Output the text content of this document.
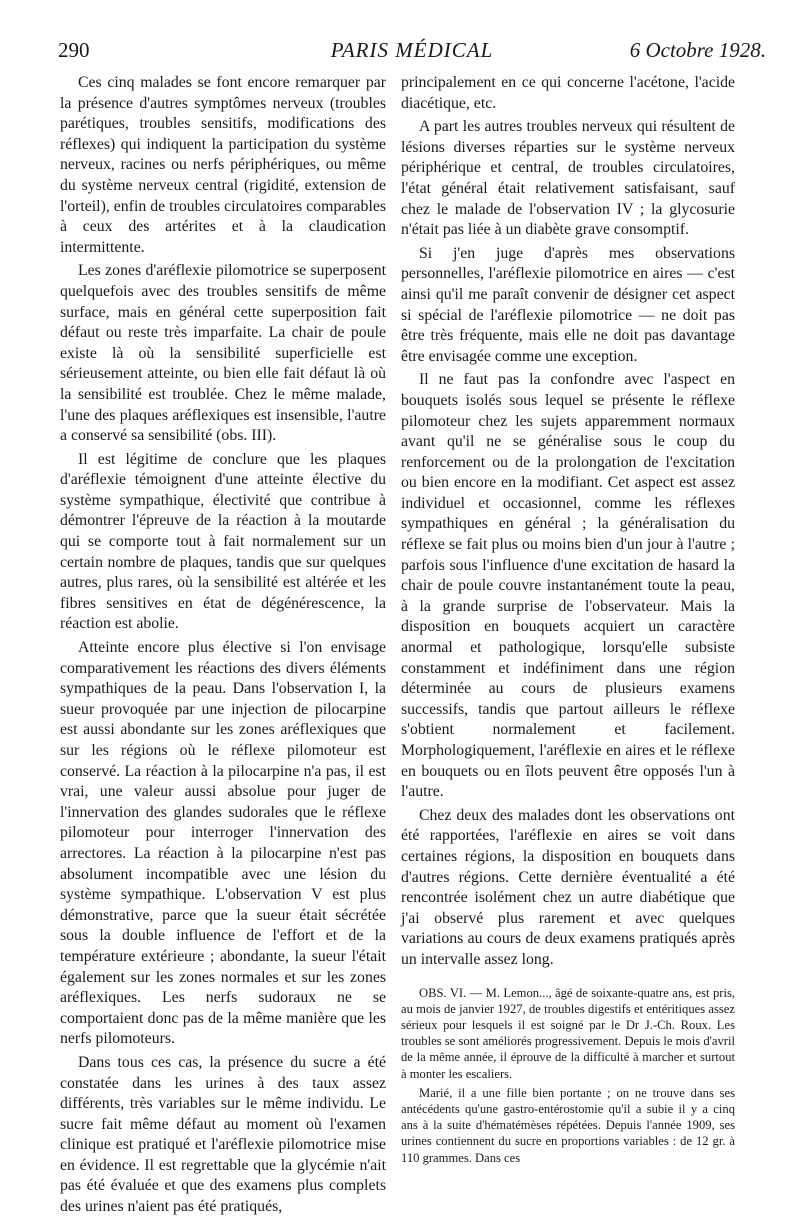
290	PARIS MÉDICAL	6 Octobre 1928.

Ces cinq malades se font encore remarquer par la présence d'autres symptômes nerveux (troubles parétiques, troubles sensitifs, modifications des réflexes) qui indiquent la participation du système nerveux, racines ou nerfs périphériques, ou même du système nerveux central (rigidité, extension de l'orteil), enfin de troubles circulatoires comparables à ceux des artérites et à la claudication intermittente.

Les zones d'aréflexie pilomotrice se superposent quelquefois avec des troubles sensitifs de même surface, mais en général cette superposition fait défaut ou reste très imparfaite. La chair de poule existe là où la sensibilité superficielle est sérieusement atteinte, ou bien elle fait défaut là où la sensibilité est troublée. Chez le même malade, l'une des plaques aréflexiques est insensible, l'autre a conservé sa sensibilité (obs. III).

Il est légitime de conclure que les plaques d'aréflexie témoignent d'une atteinte élective du système sympathique, électivité que contribue à démontrer l'épreuve de la réaction à la moutarde qui se comporte tout à fait normalement sur un certain nombre de plaques, tandis que sur quelques autres, plus rares, où la sensibilité est altérée et les fibres sensitives en état de dégénérescence, la réaction est abolie.

Atteinte encore plus élective si l'on envisage comparativement les réactions des divers éléments sympathiques de la peau. Dans l'observation I, la sueur provoquée par une injection de pilocarpine est aussi abondante sur les zones aréflexiques que sur les régions où le réflexe pilomoteur est conservé. La réaction à la pilocarpine n'a pas, il est vrai, une valeur aussi absolue pour juger de l'innervation des glandes sudorales que le réflexe pilomoteur pour interroger l'innervation des arrectores. La réaction à la pilocarpine n'est pas absolument incompatible avec une lésion du système sympathique. L'observation V est plus démonstrative, parce que la sueur était sécrétée sous la double influence de l'effort et de la température extérieure ; abondante, la sueur l'était également sur les zones normales et sur les zones aréflexiques. Les nerfs sudoraux ne se comportaient donc pas de la même manière que les nerfs pilomoteurs.

Dans tous ces cas, la présence du sucre a été constatée dans les urines à des taux assez différents, très variables sur le même individu. Le sucre fait même défaut au moment où l'examen clinique est pratiqué et l'aréflexie pilomotrice mise en évidence. Il est regrettable que la glycémie n'ait pas été évaluée et que des examens plus complets des urines n'aient pas été pratiqués,

principalement en ce qui concerne l'acétone, l'acide diacétique, etc.

A part les autres troubles nerveux qui résultent de lésions diverses réparties sur le système nerveux périphérique et central, de troubles circulatoires, l'état général était relativement satisfaisant, sauf chez le malade de l'observation IV ; la glycosurie n'était pas liée à un diabète grave consomptif.

Si j'en juge d'après mes observations personnelles, l'aréflexie pilomotrice en aires — c'est ainsi qu'il me paraît convenir de désigner cet aspect si spécial de l'aréflexie pilomotrice — ne doit pas être très fréquente, mais elle ne doit pas davantage être envisagée comme une exception.

Il ne faut pas la confondre avec l'aspect en bouquets isolés sous lequel se présente le réflexe pilomoteur chez les sujets apparemment normaux avant qu'il ne se généralise sous le coup du renforcement ou de la prolongation de l'excitation ou bien encore en la modifiant. Cet aspect est assez individuel et occasionnel, comme les réflexes sympathiques en général ; la généralisation du réflexe se fait plus ou moins bien d'un jour à l'autre ; parfois sous l'influence d'une excitation de hasard la chair de poule couvre instantanément toute la peau, à la grande surprise de l'observateur. Mais la disposition en bouquets acquiert un caractère anormal et pathologique, lorsqu'elle subsiste constamment et indéfiniment dans une région déterminée au cours de plusieurs examens successifs, tandis que partout ailleurs le réflexe s'obtient normalement et facilement. Morphologiquement, l'aréflexie en aires et le réflexe en bouquets ou en îlots peuvent être opposés l'un à l'autre.

Chez deux des malades dont les observations ont été rapportées, l'aréflexie en aires se voit dans certaines régions, la disposition en bouquets dans d'autres régions. Cette dernière éventualité a été rencontrée isolément chez un autre diabétique que j'ai observé plus rarement et avec quelques variations au cours de deux examens pratiqués après un intervalle assez long.

OBS. VI. — M. Lemon..., âgé de soixante-quatre ans, est pris, au mois de janvier 1927, de troubles digestifs et entéritiques assez sérieux pour lesquels il est soigné par le Dr J.-Ch. Roux. Les troubles se sont améliorés progressivement. Depuis le mois d'avril de la même année, il éprouve de la difficulté à marcher et surtout à monter les escaliers.

Marié, il a une fille bien portante ; on ne trouve dans ses antécédents qu'une gastro-entérostomie qu'il a subie il y a cinq ans à la suite d'hématémèses répétées. Depuis l'année 1909, ses urines contiennent du sucre en proportions variables : de 12 gr. à 110 grammes. Dans ces
